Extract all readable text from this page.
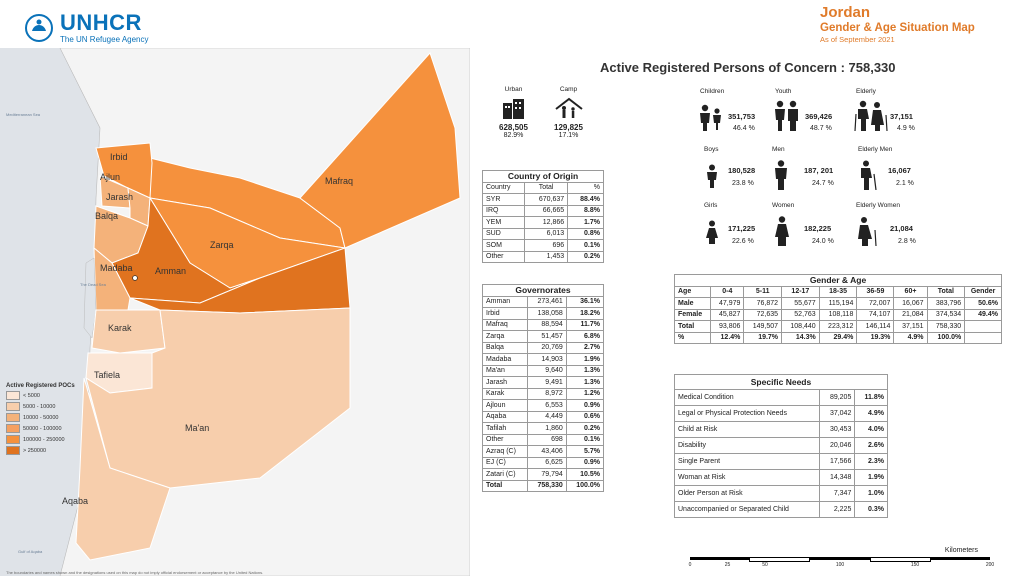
UNHCR
The UN Refugee Agency
Jordan
Gender & Age Situation Map
As of September 2021
Irbid
Ajlun
Jarash
Balqa
Madaba Amman
Zarqa
Mafraq
Karak
Tafiela
Ma'an
Aqaba
Mediterranean Sea
The Dead Sea
Gulf of Aqaba
Active Registered POCs
< 5000
5000 - 10000
10000 - 50000
50000 - 100000
100000 - 250000
> 250000
The boundaries and names shown and the designations used on this map do not imply official endorsement or acceptance by the United Nations.
Active Registered Persons of Concern : 758,330
Urban
628,505
82.9%
Camp
129,825
17.1%
Children
351,753
46.4 %
Youth
369,426
48.7 %
Elderly
37,151
4.9 %
Boys
180,528
23.8 %
Men
187, 201
24.7 %
Elderly Men
16,067
2.1 %
Girls
171,225
22.6 %
Women
182,225
24.0 %
Elderly Women
21,084
2.8 %
Country of Origin		
Country	Total	%
SYR	670,637	88.4%
IRQ	66,665	8.8%
YEM	12,866	1.7%
SUD	6,013	0.8%
SOM	696	0.1%
Other	1,453	0.2%
Governorates		
Amman	273,461	36.1%
Irbid	138,058	18.2%
Mafraq	88,594	11.7%
Zarqa	51,457	6.8%
Balqa	20,769	2.7%
Madaba	14,903	1.9%
Ma'an	9,640	1.3%
Jarash	9,491	1.3%
Karak	8,972	1.2%
Ajloun	6,553	0.9%
Aqaba	4,449	0.6%
Tafilah	1,860	0.2%
Other	698	0.1%
Azraq (C)	43,406	5.7%
EJ (C)	6,625	0.9%
Zatari (C)	79,794	10.5%
Total	758,330	100.0%
Gender & Age								
Age	0-4	5-11	12-17	18-35	36-59	60+	Total	Gender
Male	47,979	76,872	55,677	115,194	72,007	16,067	383,796	50.6%
Female	45,827	72,635	52,763	108,118	74,107	21,084	374,534	49.4%
Total	93,806	149,507	108,440	223,312	146,114	37,151	758,330	
%	12.4%	19.7%	14.3%	29.4%	19.3%	4.9%	100.0%	
Specific Needs		
Medical Condition	89,205	11.8%
Legal or Physical Protection Needs	37,042	4.9%
Child at Risk	30,453	4.0%
Disability	20,046	2.6%
Single Parent	17,566	2.3%
Woman at Risk	14,348	1.9%
Older Person at Risk	7,347	1.0%
Unaccompanied or Separated Child	2,225	0.3%
Kilometers
0	25	50	100	150	200
